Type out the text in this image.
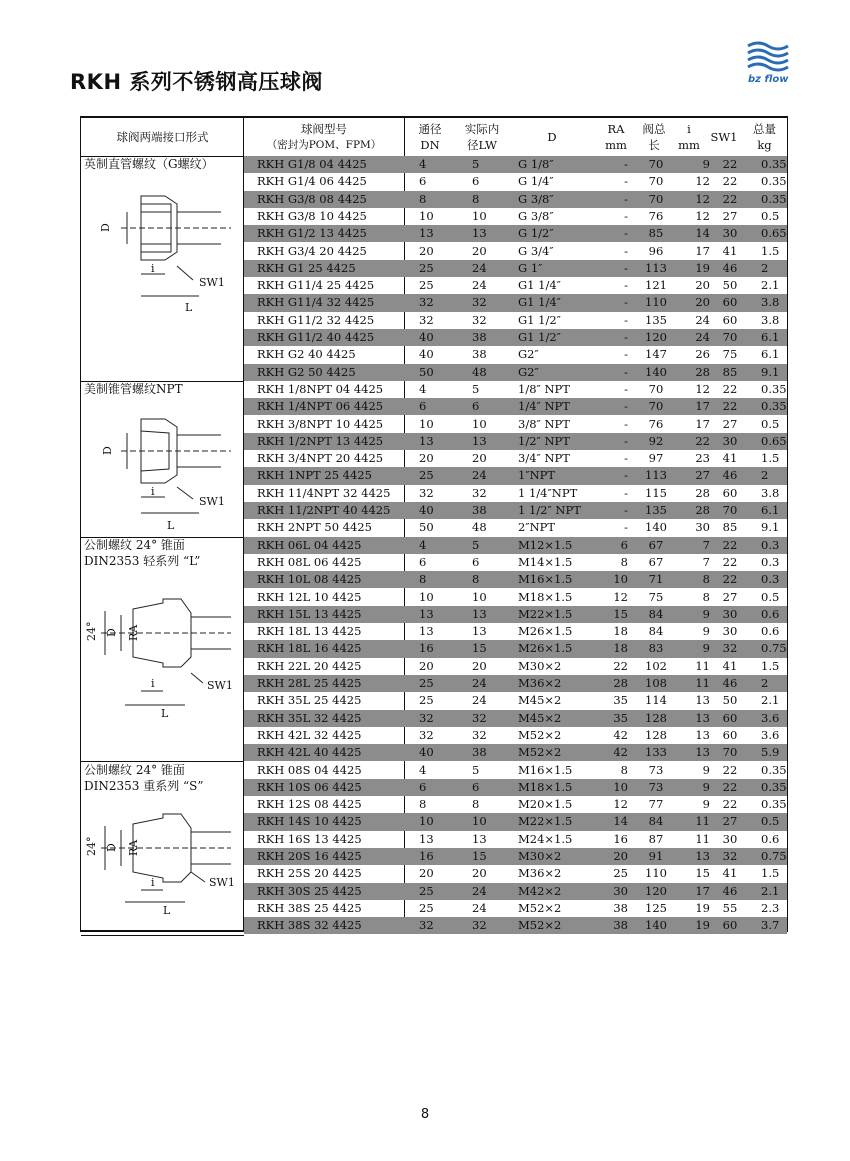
RKH 系列不锈钢高压球阀	bz flow
球阀两端接口形式
球阀型号
（密封为POM、FPM）
通径
DN
实际内
径LW
D
RA
mm
阀总
长
i
mm
SW1
总量
kg
英制直管螺纹（G螺纹）
D
i
SW1
L
RKH G1/8 04 4425	4	5	G 1/8″	-	70	9	22	0.35
RKH G1/4 06 4425	6	6	G 1/4″	-	70	12	22	0.35
RKH G3/8 08 4425	8	8	G 3/8″	-	70	12	22	0.35
RKH G3/8 10 4425	10	10	G 3/8″	-	76	12	27	0.5
RKH G1/2 13 4425	13	13	G 1/2″	-	85	14	30	0.65
RKH G3/4 20 4425	20	20	G 3/4″	-	96	17	41	1.5
RKH G1 25 4425	25	24	G 1″	- 113	19	46	2
RKH G11/4 25 4425	25	24	G1 1/4″	- 121	20	50	2.1
RKH G11/4 32 4425	32	32	G1 1/4″	- 110	20	60	3.8
RKH G11/2 32 4425	32	32	G1 1/2″	- 135	24	60	3.8
RKH G11/2 40 4425	40	38	G1 1/2″	- 120	24	70	6.1
RKH G2 40 4425	40	38	G2″	- 147	26	75	6.1
RKH G2 50 4425	50	48	G2″	- 140	28	85	9.1
美制锥管螺纹NPT
D
i
SW1
L
RKH 1/8NPT 04 4425	4	5	1/8″ NPT	-	70	12	22	0.35
RKH 1/4NPT 06 4425	6	6	1/4″ NPT	-	70	17	22	0.35
RKH 3/8NPT 10 4425	10	10	3/8″ NPT	-	76	17	27	0.5
RKH 1/2NPT 13 4425	13	13	1/2″ NPT	-	92	22	30	0.65
RKH 3/4NPT 20 4425	20	20	3/4″ NPT	-	97	23	41	1.5
RKH 1NPT 25 4425	25	24	1″NPT	- 113	27	46	2
RKH 11/4NPT 32 4425 32	32	1 1/4″NPT	- 115	28	60	3.8
RKH 11/2NPT 40 4425 40	38	1 1/2″ NPT	- 135	28	70	6.1
RKH 2NPT 50 4425	50	48	2″NPT	- 140	30	85	9.1
公制螺纹 24° 锥面
DIN2353 轻系列 “L”
24° D RA
i	SW1
L
RKH 06L 04 4425	4	5	M12×1.5	6	67	7	22	0.3
RKH 08L 06 4425	6	6	M14×1.5	8	67	7	22	0.3
RKH 10L 08 4425	8	8	M16×1.5	10	71	8	22	0.3
RKH 12L 10 4425	10	10	M18×1.5	12	75	8	27	0.5
RKH 15L 13 4425	13	13	M22×1.5	15	84	9	30	0.6
RKH 18L 13 4425	13	13	M26×1.5	18	84	9	30	0.6
RKH 18L 16 4425	16	15	M26×1.5	18	83	9	32	0.75
RKH 22L 20 4425	20	20	M30×2	22 102	11	41	1.5
RKH 28L 25 4425	25	24	M36×2	28 108	11	46	2
RKH 35L 25 4425	25	24	M45×2	35 114	13	50	2.1
RKH 35L 32 4425	32	32	M45×2	35 128	13	60	3.6
RKH 42L 32 4425	32	32	M52×2	42 128	13	60	3.6
RKH 42L 40 4425	40	38	M52×2	42 133	13	70	5.9
公制螺纹 24° 锥面
DIN2353 重系列 “S”
24° D RA
i	SW1
L
RKH 08S 04 4425	4	5	M16×1.5	8	73	9	22	0.35
RKH 10S 06 4425	6	6	M18×1.5	10	73	9	22	0.35
RKH 12S 08 4425	8	8	M20×1.5	12	77	9	22	0.35
RKH 14S 10 4425	10	10	M22×1.5	14	84	11	27	0.5
RKH 16S 13 4425	13	13	M24×1.5	16	87	11	30	0.6
RKH 20S 16 4425	16	15	M30×2	20	91	13	32	0.75
RKH 25S 20 4425	20	20	M36×2	25 110	15	41	1.5
RKH 30S 25 4425	25	24	M42×2	30 120	17	46	2.1
RKH 38S 25 4425	25	24	M52×2	38 125	19	55	2.3
RKH 38S 32 4425	32	32	M52×2	38 140	19	60	3.7
8
